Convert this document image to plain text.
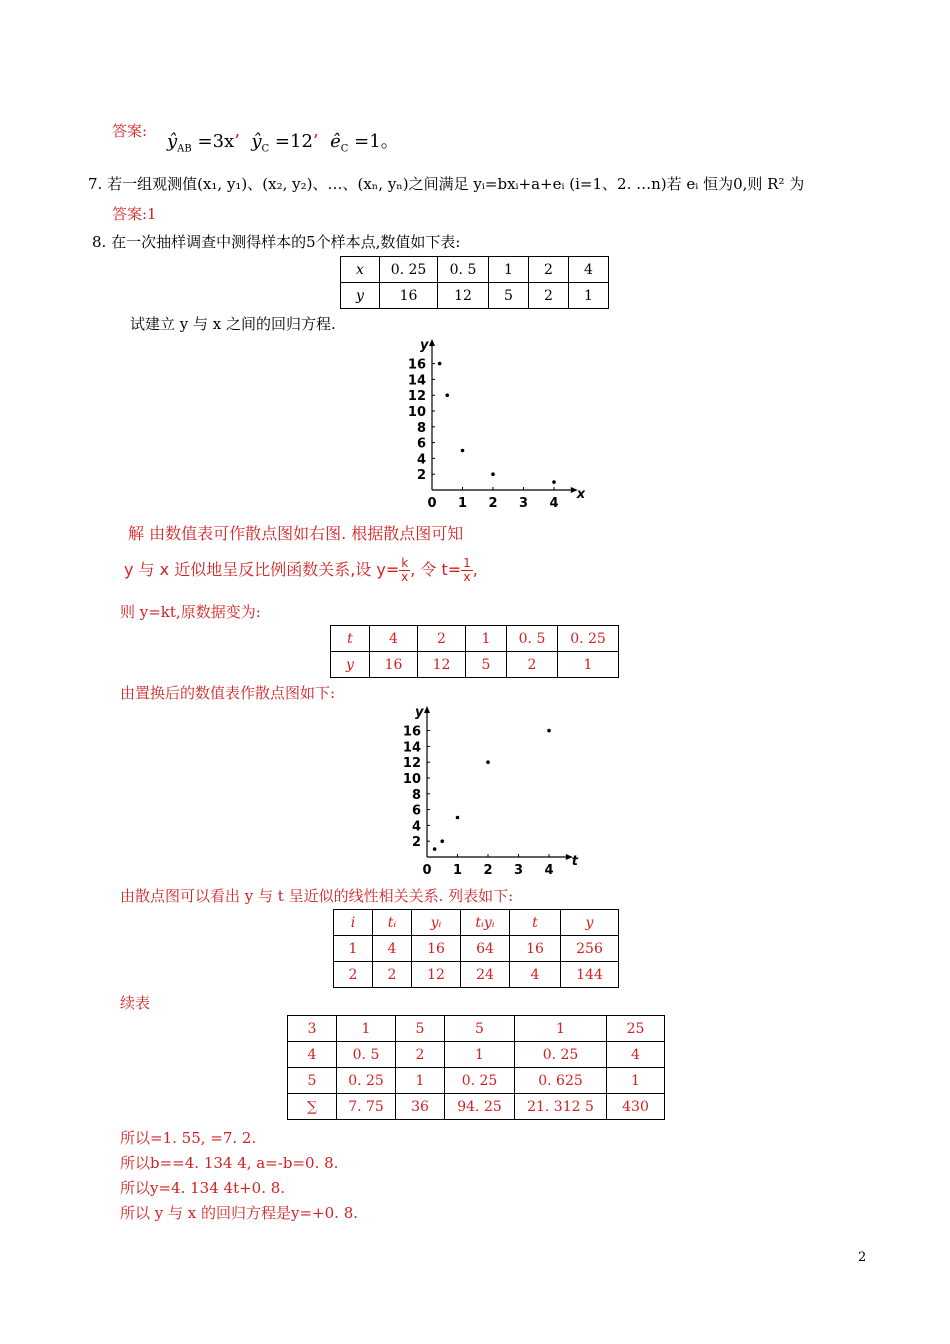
答案: $ŷ_{AB} =3x$’ $ŷ_C =12$’ $ê_C =1$。
7. 若一组观测值(x₁, y₁)、(x₂, y₂)、…、(xₙ, yₙ)之间满足 yᵢ=bxᵢ+a+eᵢ (i=1、2. …n)若 eᵢ 恒为0,则 R² 为
答案:1
8. 在一次抽样调查中测得样本的5个样本点,数值如下表:
x	0. 25	0. 5	1	2	4
y	16	12	5	2	1
试建立 y 与 x 之间的回归方程.
y
x
2
4
6
8
10
12
14
16
0 1 2 3 4
解 由数值表可作散点图如右图. 根据散点图可知
y 与 x 近似地呈反比例函数关系,设 $y= \frac{k}{x}$ , 令 $t= \frac{1}{x}$ ,
则 y=kt,原数据变为:
t	4	2	1	0. 5	0. 25
y	16	12	5	2	1
由置换后的数值表作散点图如下:
y
t
2
4
6
8
10
12
14
16
0 1 2 3 4
由散点图可以看出 y 与 t 呈近似的线性相关关系. 列表如下:
i	tᵢ	yᵢ	tᵢyᵢ	t	y
1	4	16	64	16	256
2	2	12	24	4	144
续表
3	1	5	5	1	25
4	0. 5	2	1	0. 25	4
5	0. 25	1	0. 25	0. 625	1
∑	7. 75	36	94. 25	21. 312 5	430
所以=1. 55, =7. 2.
所以b==4. 134 4, a=-b=0. 8.
所以y=4. 134 4t+0. 8.
所以 y 与 x 的回归方程是y=+0. 8.
2
